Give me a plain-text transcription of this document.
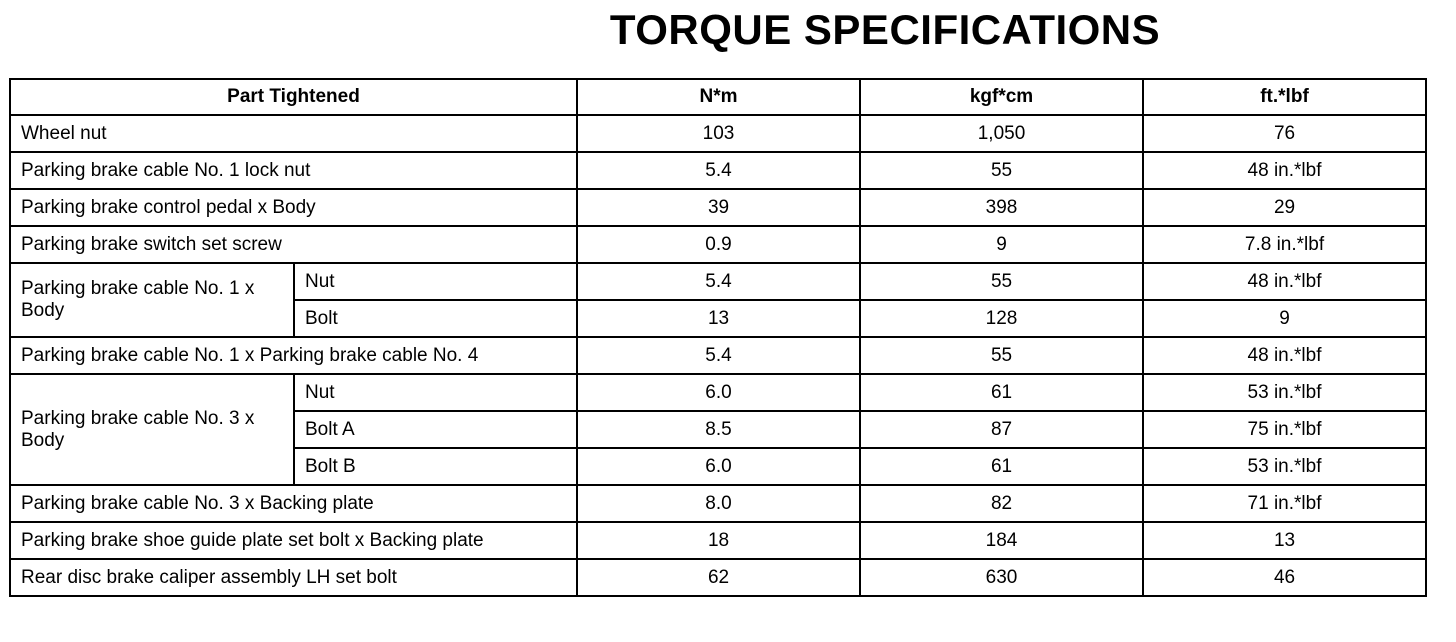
TORQUE SPECIFICATIONS
Part Tightened		N*m	kgf*cm	ft.*lbf
Wheel nut		103	1,050	76
Parking brake cable No. 1 lock nut		5.4	55	48 in.*lbf
Parking brake control pedal x Body		39	398	29
Parking brake switch set screw		0.9	9	7.8 in.*lbf
Parking brake cable No. 1 x Body	Nut	5.4	55	48 in.*lbf
	Bolt	13	128	9
Parking brake cable No. 1 x Parking brake cable No. 4		5.4	55	48 in.*lbf
Parking brake cable No. 3 x Body	Nut	6.0	61	53 in.*lbf
	Bolt A	8.5	87	75 in.*lbf
	Bolt B	6.0	61	53 in.*lbf
Parking brake cable No. 3 x Backing plate		8.0	82	71 in.*lbf
Parking brake shoe guide plate set bolt x Backing plate		18	184	13
Rear disc brake caliper assembly LH set bolt		62	630	46
